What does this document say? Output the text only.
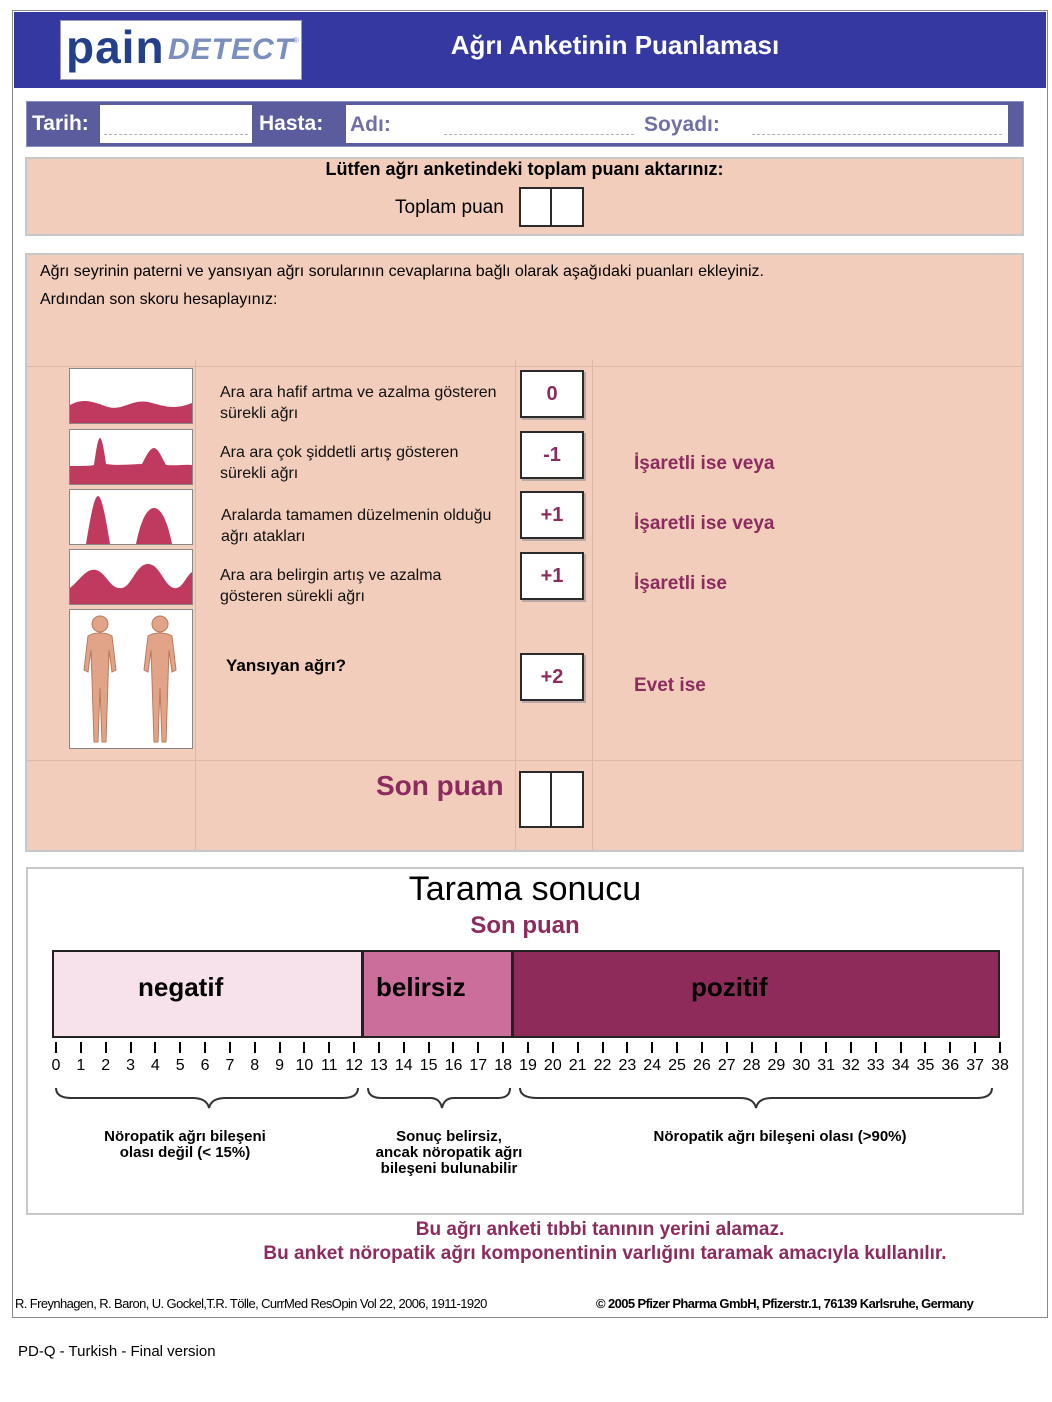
pain DETECT ®	Ağrı Anketinin Puanlaması
Tarih:	Hasta: Adı:	Soyadı:
Lütfen ağrı anketindeki toplam puanı aktarınız:
Toplam puan
Ağrı seyrinin paterni ve yansıyan ağrı sorularının cevaplarına bağlı olarak aşağıdaki puanları ekleyiniz.
Ardından son skoru hesaplayınız:
Ara ara hafif artma ve azalma gösteren
sürekli ağrı
0
Ara ara çok şiddetli artış gösteren
sürekli ağrı
-1	İşaretli ise veya
Aralarda tamamen düzelmenin olduğu
ağrı atakları
+1	İşaretli ise veya
Ara ara belirgin artış ve azalma
gösteren sürekli ağrı
+1	İşaretli ise
Yansıyan ağrı?
+2	Evet ise
Son puan
Tarama sonucu
Son puan
negatif	belirsiz	pozitif
0 1 2 3 4 5 6 7 8 9 10 11 12 13 14 15 16 17 18 19 20 21 22 23 24 25 26 27 28 29 30 31 32 33 34 35 36 37 38
Nöropatik ağrı bileşeni
olası değil (< 15%)
Sonuç belirsiz,
ancak nöropatik ağrı
bileşeni bulunabilir
Nöropatik ağrı bileşeni olası (>90%)
Bu ağrı anketi tıbbi tanının yerini alamaz.
Bu anket nöropatik ağrı komponentinin varlığını taramak amacıyla kullanılır.
R. Freynhagen, R. Baron, U. Gockel,T.R. Tölle, CurrMed ResOpin Vol 22, 2006, 1911-1920	© 2005 Pfizer Pharma GmbH, Pfizerstr.1, 76139 Karlsruhe, Germany
PD-Q - Turkish - Final version
